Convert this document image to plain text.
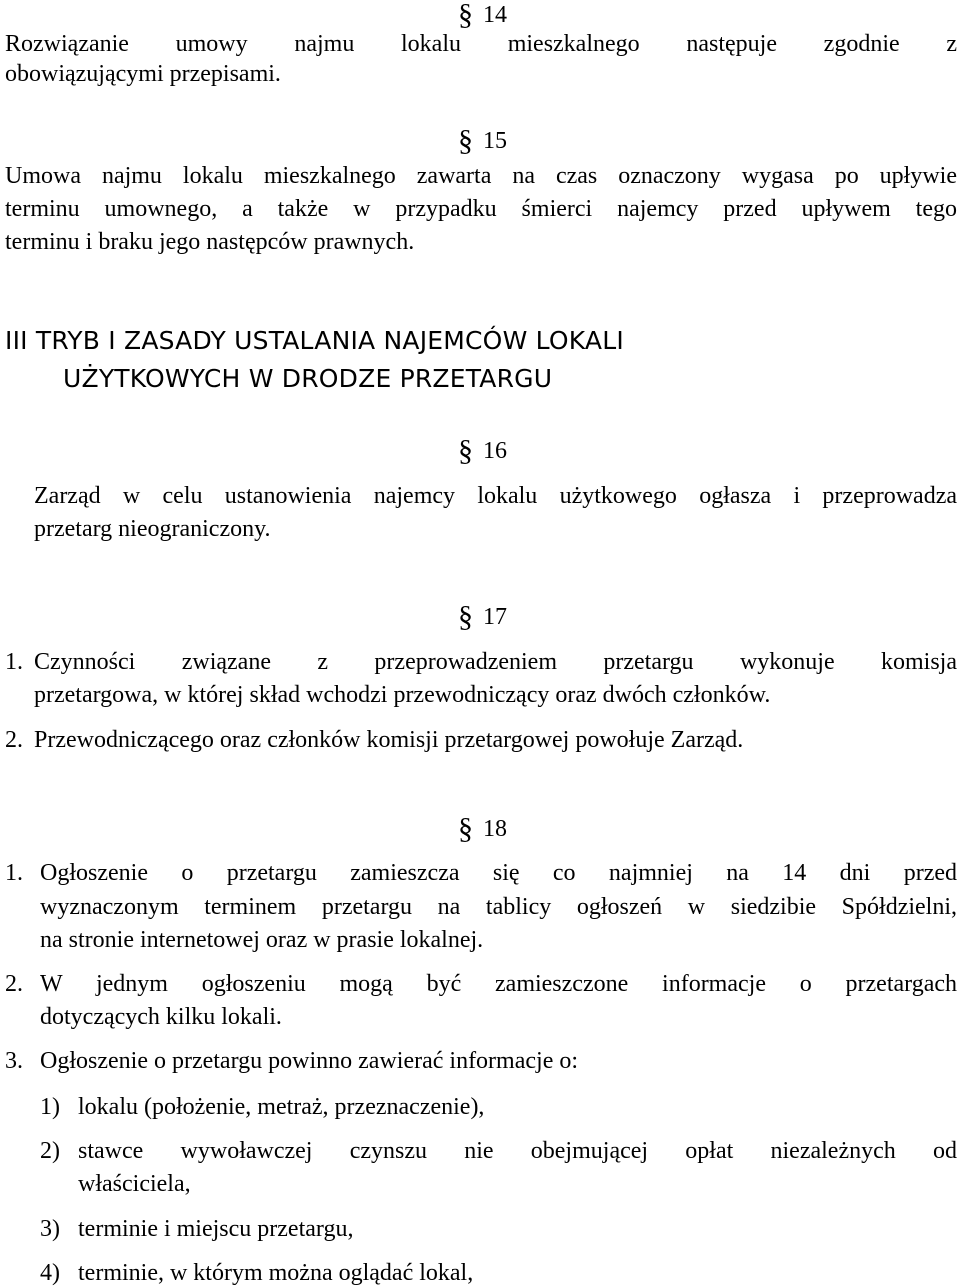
§ 14
Rozwiązanie umowy najmu lokalu mieszkalnego następuje zgodnie z
obowiązującymi przepisami.
§ 15
Umowa najmu lokalu mieszkalnego zawarta na czas oznaczony wygasa po upływie
terminu umownego, a także w przypadku śmierci najemcy przed upływem tego
terminu i braku jego następców prawnych.
III TRYB I ZASADY USTALANIA NAJEMCÓW LOKALI
UŻYTKOWYCH W DRODZE PRZETARGU
§ 16
Zarząd w celu ustanowienia najemcy lokalu użytkowego ogłasza i przeprowadza
przetarg nieograniczony.
§ 17
1. Czynności związane z przeprowadzeniem przetargu wykonuje komisja
przetargowa, w której skład wchodzi przewodniczący oraz dwóch członków.
2. Przewodniczącego oraz członków komisji przetargowej powołuje Zarząd.
§ 18
1. Ogłoszenie o przetargu zamieszcza się co najmniej na 14 dni przed
wyznaczonym terminem przetargu na tablicy ogłoszeń w siedzibie Spółdzielni,
na stronie internetowej oraz w prasie lokalnej.
2. W jednym ogłoszeniu mogą być zamieszczone informacje o przetargach
dotyczących kilku lokali.
3. Ogłoszenie o przetargu powinno zawierać informacje o:
1) lokalu (położenie, metraż, przeznaczenie),
2) stawce wywoławczej czynszu nie obejmującej opłat niezależnych od
właściciela,
3) terminie i miejscu przetargu,
4) terminie, w którym można oglądać lokal,
